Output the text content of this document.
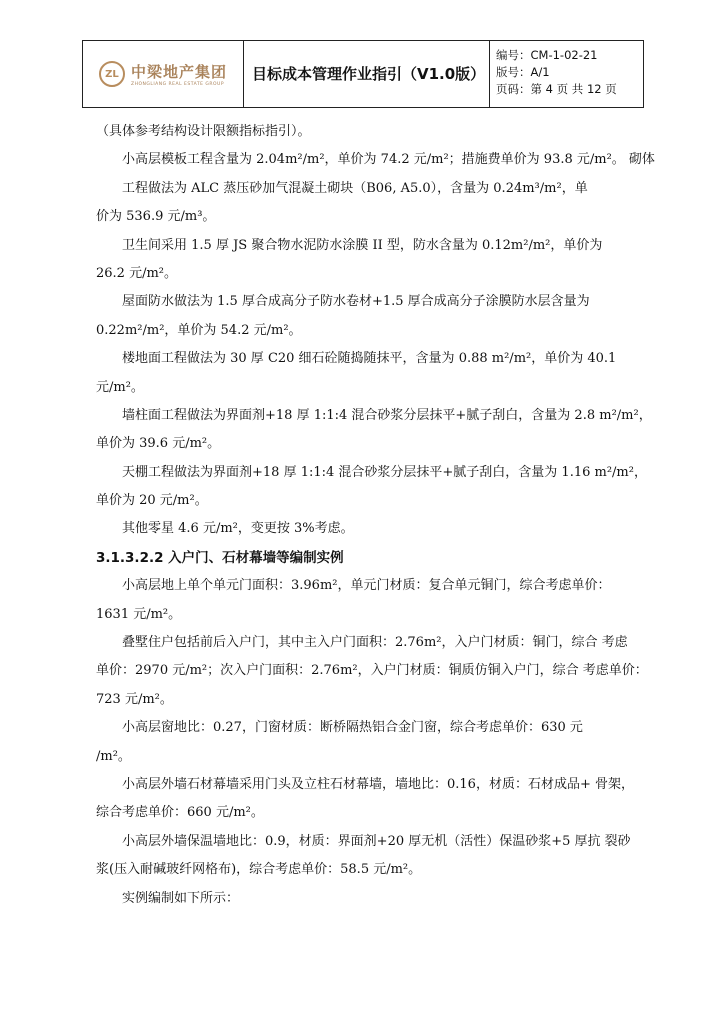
ZL 中梁地产集团
ZHONGLIANG REAL ESTATE GROUP
目标成本管理作业指引（V1.0版）
编号：CM-1-02-21
版号：A/1
页码：第 4 页 共 12 页
（具体参考结构设计限额指标指引）。
小高层模板工程含量为 2.04m²/m²，单价为 74.2 元/m²；措施费单价为 93.8 元/m²。 砌体
工程做法为 ALC 蒸压砂加气混凝土砌块（B06, A5.0），含量为 0.24m³/m²，单
价为 536.9 元/m³。
卫生间采用 1.5 厚 JS 聚合物水泥防水涂膜 II 型，防水含量为 0.12m²/m²，单价为
26.2 元/m²。
屋面防水做法为 1.5 厚合成高分子防水卷材+1.5 厚合成高分子涂膜防水层含量为
0.22m²/m²，单价为 54.2 元/m²。
楼地面工程做法为 30 厚 C20 细石砼随捣随抹平，含量为 0.88 m²/m²，单价为 40.1
元/m²。
墙柱面工程做法为界面剂+18 厚 1:1:4 混合砂浆分层抹平+腻子刮白，含量为 2.8 m²/m²，
单价为 39.6 元/m²。
天棚工程做法为界面剂+18 厚 1:1:4 混合砂浆分层抹平+腻子刮白，含量为 1.16 m²/m²，
单价为 20 元/m²。
其他零星 4.6 元/m²，变更按 3%考虑。
3.1.3.2.2 入户门、石材幕墙等编制实例
小高层地上单个单元门面积：3.96m²，单元门材质：复合单元铜门，综合考虑单价：
1631 元/m²。
叠墅住户包括前后入户门，其中主入户门面积：2.76m²，入户门材质：铜门，综合 考虑
单价：2970 元/m²；次入户门面积：2.76m²，入户门材质：铜质仿铜入户门，综合 考虑单价：
723 元/m²。
小高层窗地比：0.27，门窗材质：断桥隔热铝合金门窗，综合考虑单价：630 元
/m²。
小高层外墙石材幕墙采用门头及立柱石材幕墙，墙地比：0.16，材质：石材成品+ 骨架，
综合考虑单价：660 元/m²。
小高层外墙保温墙地比：0.9，材质：界面剂+20 厚无机（活性）保温砂浆+5 厚抗 裂砂
浆(压入耐碱玻纤网格布)，综合考虑单价：58.5 元/m²。
实例编制如下所示：
